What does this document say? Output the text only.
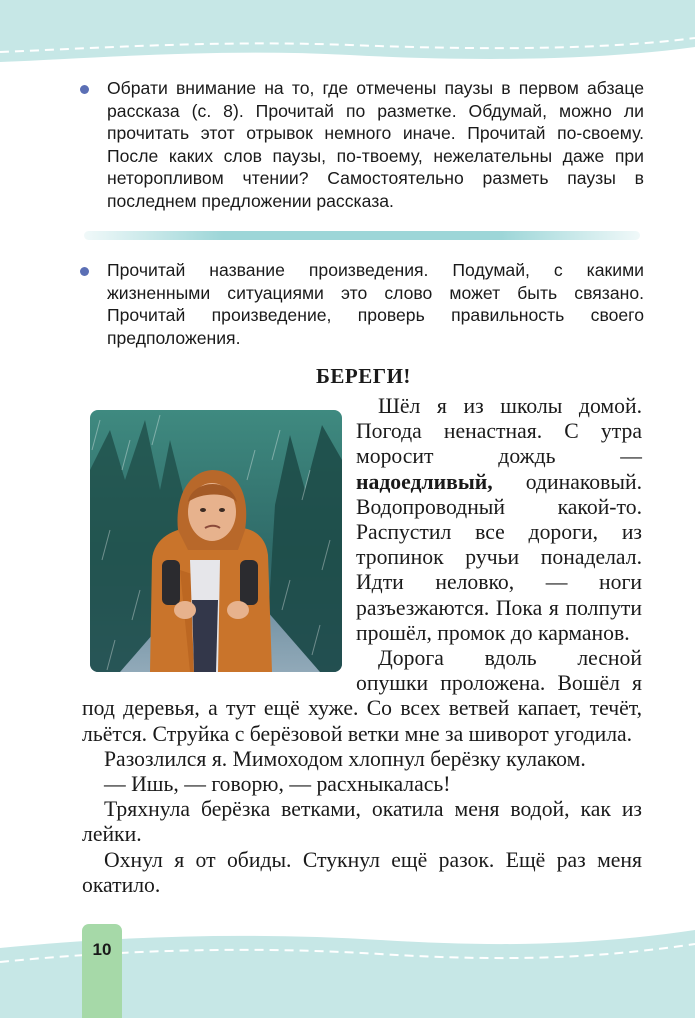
Обрати внимание на то, где отмечены паузы в первом абзаце рассказа (с. 8). Прочитай по разметке. Обдумай, можно ли прочитать этот отрывок немного иначе. Прочитай по-своему. После каких слов паузы, по-твоему, нежелательны даже при неторопливом чтении? Самостоятельно разметь паузы в последнем предложении рассказа.
Прочитай название произведения. Подумай, с какими жизненными ситуациями это слово может быть связано. Прочитай произведение, проверь правильность своего предположения.
БЕРЕГИ!

Шёл я из школы домой. Погода ненастная. С утра моросит дождь — надоедливый, одинаковый. Водопроводный какой-то. Распустил все дороги, из тропинок ручьи понаделал. Идти неловко, — ноги разъезжаются. Пока я полпути прошёл, промок до карманов.

Дорога вдоль лесной опушки проложена. Вошёл я под деревья, а тут ещё хуже. Со всех ветвей капает, течёт, льётся. Струйка с берёзовой ветки мне за шиворот угодила.

Разозлился я. Мимоходом хлопнул берёзку кулаком.

— Ишь, — говорю, — расхныкалась!

Тряхнула берёзка ветками, окатила меня водой, как из лейки.

Охнул я от обиды. Стукнул ещё разок. Ещё раз меня окатило.

10
